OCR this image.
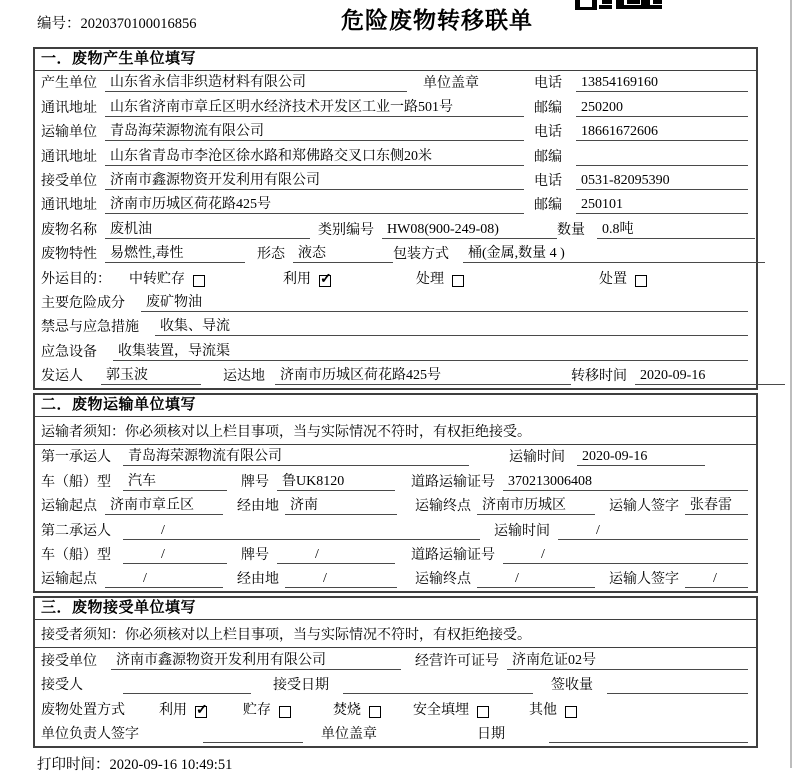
编号：2020370100016856	危险废物转移联单
一．废物产生单位填写
产生单位 山东省永信非织造材料有限公司	单位盖章	电话	13854169160
通讯地址 山东省济南市章丘区明水经济技术开发区工业一路501号	邮编	250200
运输单位 青岛海荣源物流有限公司	电话	18661672606
通讯地址 山东省青岛市李沧区徐水路和郑佛路交叉口东侧20米	邮编
接受单位 济南市鑫源物资开发利用有限公司	电话	0531-82095390
通讯地址 济南市历城区荷花路425号	邮编	250101
废物名称 废机油	类别编号 HW08(900-249-08)	数量	0.8吨
废物特性 易燃性,毒性	形态 液态	包装方式	桶(金属,数量 4 )
外运目的：	中转贮存	利用 ✓	处理	处置
主要危险成分	废矿物油
禁忌与应急措施	收集、导流
应急设备	收集装置，导流渠
发运人	郭玉波	运达地	济南市历城区荷花路425号	转移时间 2020-09-16
二．废物运输单位填写
运输者须知：你必须核对以上栏目事项，当与实际情况不符时，有权拒绝接受。
第一承运人	青岛海荣源物流有限公司	运输时间	2020-09-16
车（船）型	汽车	牌号 鲁UK8120	道路运输证号 370213006408
运输起点 济南市章丘区	经由地 济南	运输终点 济南市历城区	运输人签字 张春雷
第二承运人	/	运输时间	/
车（船）型	/	牌号	/	道路运输证号	/
运输起点	/	经由地	/	运输终点	/	运输人签字	/
三．废物接受单位填写
接受者须知：你必须核对以上栏目事项，当与实际情况不符时，有权拒绝接受。
接受单位	济南市鑫源物资开发利用有限公司	经营许可证号 济南危证02号
接受人	接受日期	签收量
废物处置方式	利用 ✓	贮存	焚烧	安全填埋	其他
单位负责人签字	单位盖章	日期
打印时间：2020-09-16 10:49:51
